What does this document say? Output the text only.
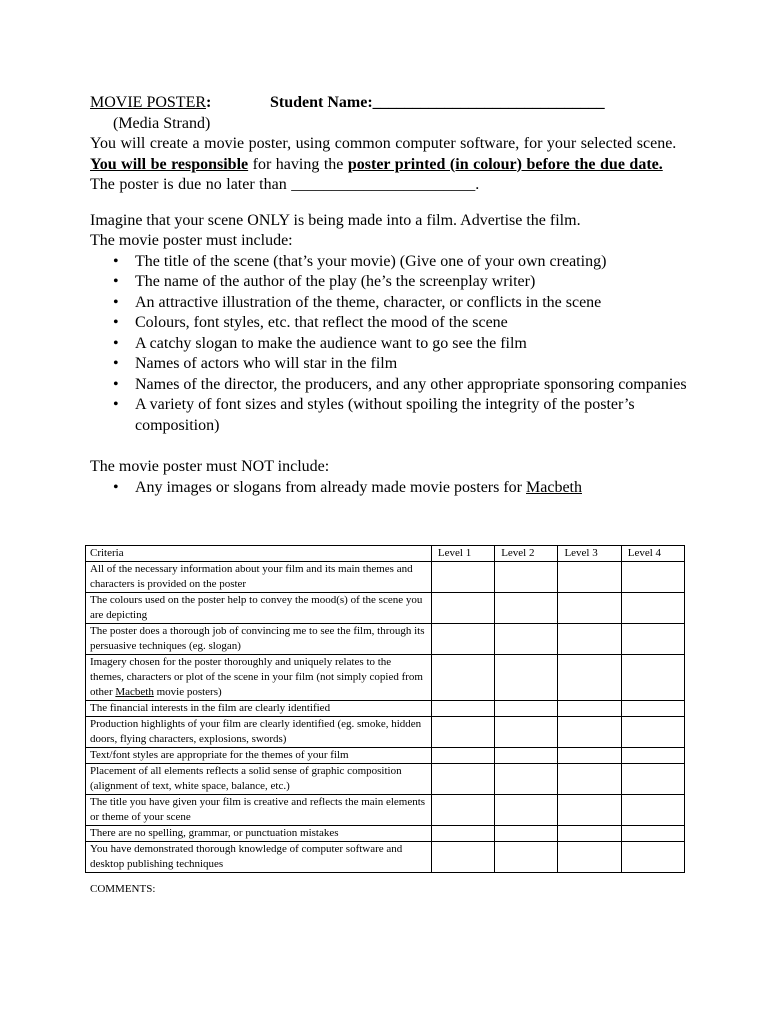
MOVIE POSTER:	Student Name:_____________________________

(Media Strand)

You will create a movie poster, using common computer software, for your selected scene. You will be responsible for having the poster printed (in colour) before the due date. The poster is due no later than _______________________.

Imagine that your scene ONLY is being made into a film. Advertise the film.

The movie poster must include:

• The title of the scene (that’s your movie) (Give one of your own creating)
• The name of the author of the play (he’s the screenplay writer)
• An attractive illustration of the theme, character, or conflicts in the scene
• Colours, font styles, etc. that reflect the mood of the scene
• A catchy slogan to make the audience want to go see the film
• Names of actors who will star in the film
• Names of the director, the producers, and any other appropriate sponsoring companies
• A variety of font sizes and styles (without spoiling the integrity of the poster’s composition)

The movie poster must NOT include:

• Any images or slogans from already made movie posters for Macbeth
Criteria	Level 1	Level 2	Level 3	Level 4
All of the necessary information about your film and its main themes and characters is provided on the poster				
The colours used on the poster help to convey the mood(s) of the scene you are depicting				
The poster does a thorough job of convincing me to see the film, through its persuasive techniques (eg. slogan)				
Imagery chosen for the poster thoroughly and uniquely relates to the themes, characters or plot of the scene in your film (not simply copied from other Macbeth movie posters)				
The financial interests in the film are clearly identified				
Production highlights of your film are clearly identified (eg. smoke, hidden doors, flying characters, explosions, swords)				
Text/font styles are appropriate for the themes of your film				
Placement of all elements reflects a solid sense of graphic composition (alignment of text, white space, balance, etc.)				
The title you have given your film is creative and reflects the main elements or theme of your scene				
There are no spelling, grammar, or punctuation mistakes				
You have demonstrated thorough knowledge of computer software and desktop publishing techniques				
COMMENTS:
